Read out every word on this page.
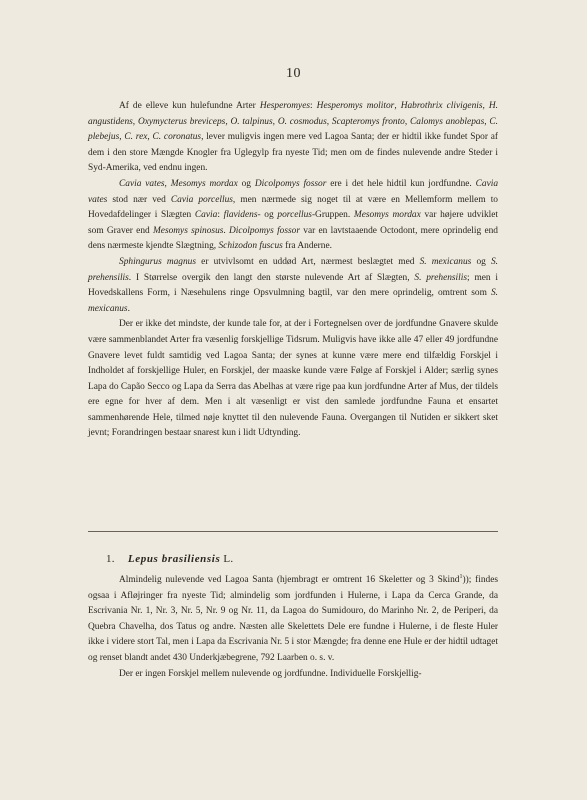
10

Af de elleve kun hulefundne Arter Hesperomyes: Hesperomys molitor, Habrothrix clivigenis, H. angustidens, Oxymycterus breviceps, O. talpinus, O. cosmodus, Scapteromys fronto, Calomys anoblepas, C. plebejus, C. rex, C. coronatus, lever muligvis ingen mere ved Lagoa Santa; der er hidtil ikke fundet Spor af dem i den store Mængde Knogler fra Uglegylp fra nyeste Tid; men om de findes nulevende andre Steder i Syd-Amerika, ved endnu ingen.

Cavia vates, Mesomys mordax og Dicolpomys fossor ere i det hele hidtil kun jordfundne. Cavia vates stod nær ved Cavia porcellus, men nærmede sig noget til at være en Mellemform mellem to Hovedafdelinger i Slægten Cavia: flavidens- og porcellus-Gruppen. Mesomys mordax var højere udviklet som Graver end Mesomys spinosus. Dicolpomys fossor var en lavtstaaende Octodont, mere oprindelig end dens nærmeste kjendte Slægtning, Schizodon fuscus fra Anderne.

Sphingurus magnus er utvivlsomt en uddød Art, nærmest beslægtet med S. mexicanus og S. prehensilis. I Størrelse overgik den langt den største nulevende Art af Slægten, S. prehensilis; men i Hovedskallens Form, i Næsehulens ringe Opsvulmning bagtil, var den mere oprindelig, omtrent som S. mexicanus.

Der er ikke det mindste, der kunde tale for, at der i Fortegnelsen over de jordfundne Gnavere skulde være sammenblandet Arter fra væsenlig forskjellige Tidsrum. Muligvis have ikke alle 47 eller 49 jordfundne Gnavere levet fuldt samtidig ved Lagoa Santa; der synes at kunne være mere end tilfældig Forskjel i Indholdet af forskjellige Huler, en Forskjel, der maaske kunde være Følge af Forskjel i Alder; særlig synes Lapa do Capão Secco og Lapa da Serra das Abelhas at være rige paa kun jordfundne Arter af Mus, der tildels ere egne for hver af dem. Men i alt væsenligt er vist den samlede jordfundne Fauna et ensartet sammenhørende Hele, tilmed nøje knyttet til den nulevende Fauna. Overgangen til Nutiden er sikkert sket jevnt; Forandringen bestaar snarest kun i lidt Udtynding.

1. Lepus brasiliensis L.

Almindelig nulevende ved Lagoa Santa (hjembragt er omtrent 16 Skeletter og 3 Skind$^1$)); findes ogsaa i Afløjringer fra nyeste Tid; almindelig som jordfunden i Hulerne, i Lapa da Cerca Grande, da Escrivania Nr. 1, Nr. 3, Nr. 5, Nr. 9 og Nr. 11, da Lagoa do Sumidouro, do Marinho Nr. 2, de Periperi, da Quebra Chavelha, dos Tatus og andre. Næsten alle Skelettets Dele ere fundne i Hulerne, i de fleste Huler ikke i videre stort Tal, men i Lapa da Escrivania Nr. 5 i stor Mængde; fra denne ene Hule er der hidtil udtaget og renset blandt andet 430 Underkjæbegrene, 792 Laarben o. s. v.

Der er ingen Forskjel mellem nulevende og jordfundne. Individuelle Forskjellig-
